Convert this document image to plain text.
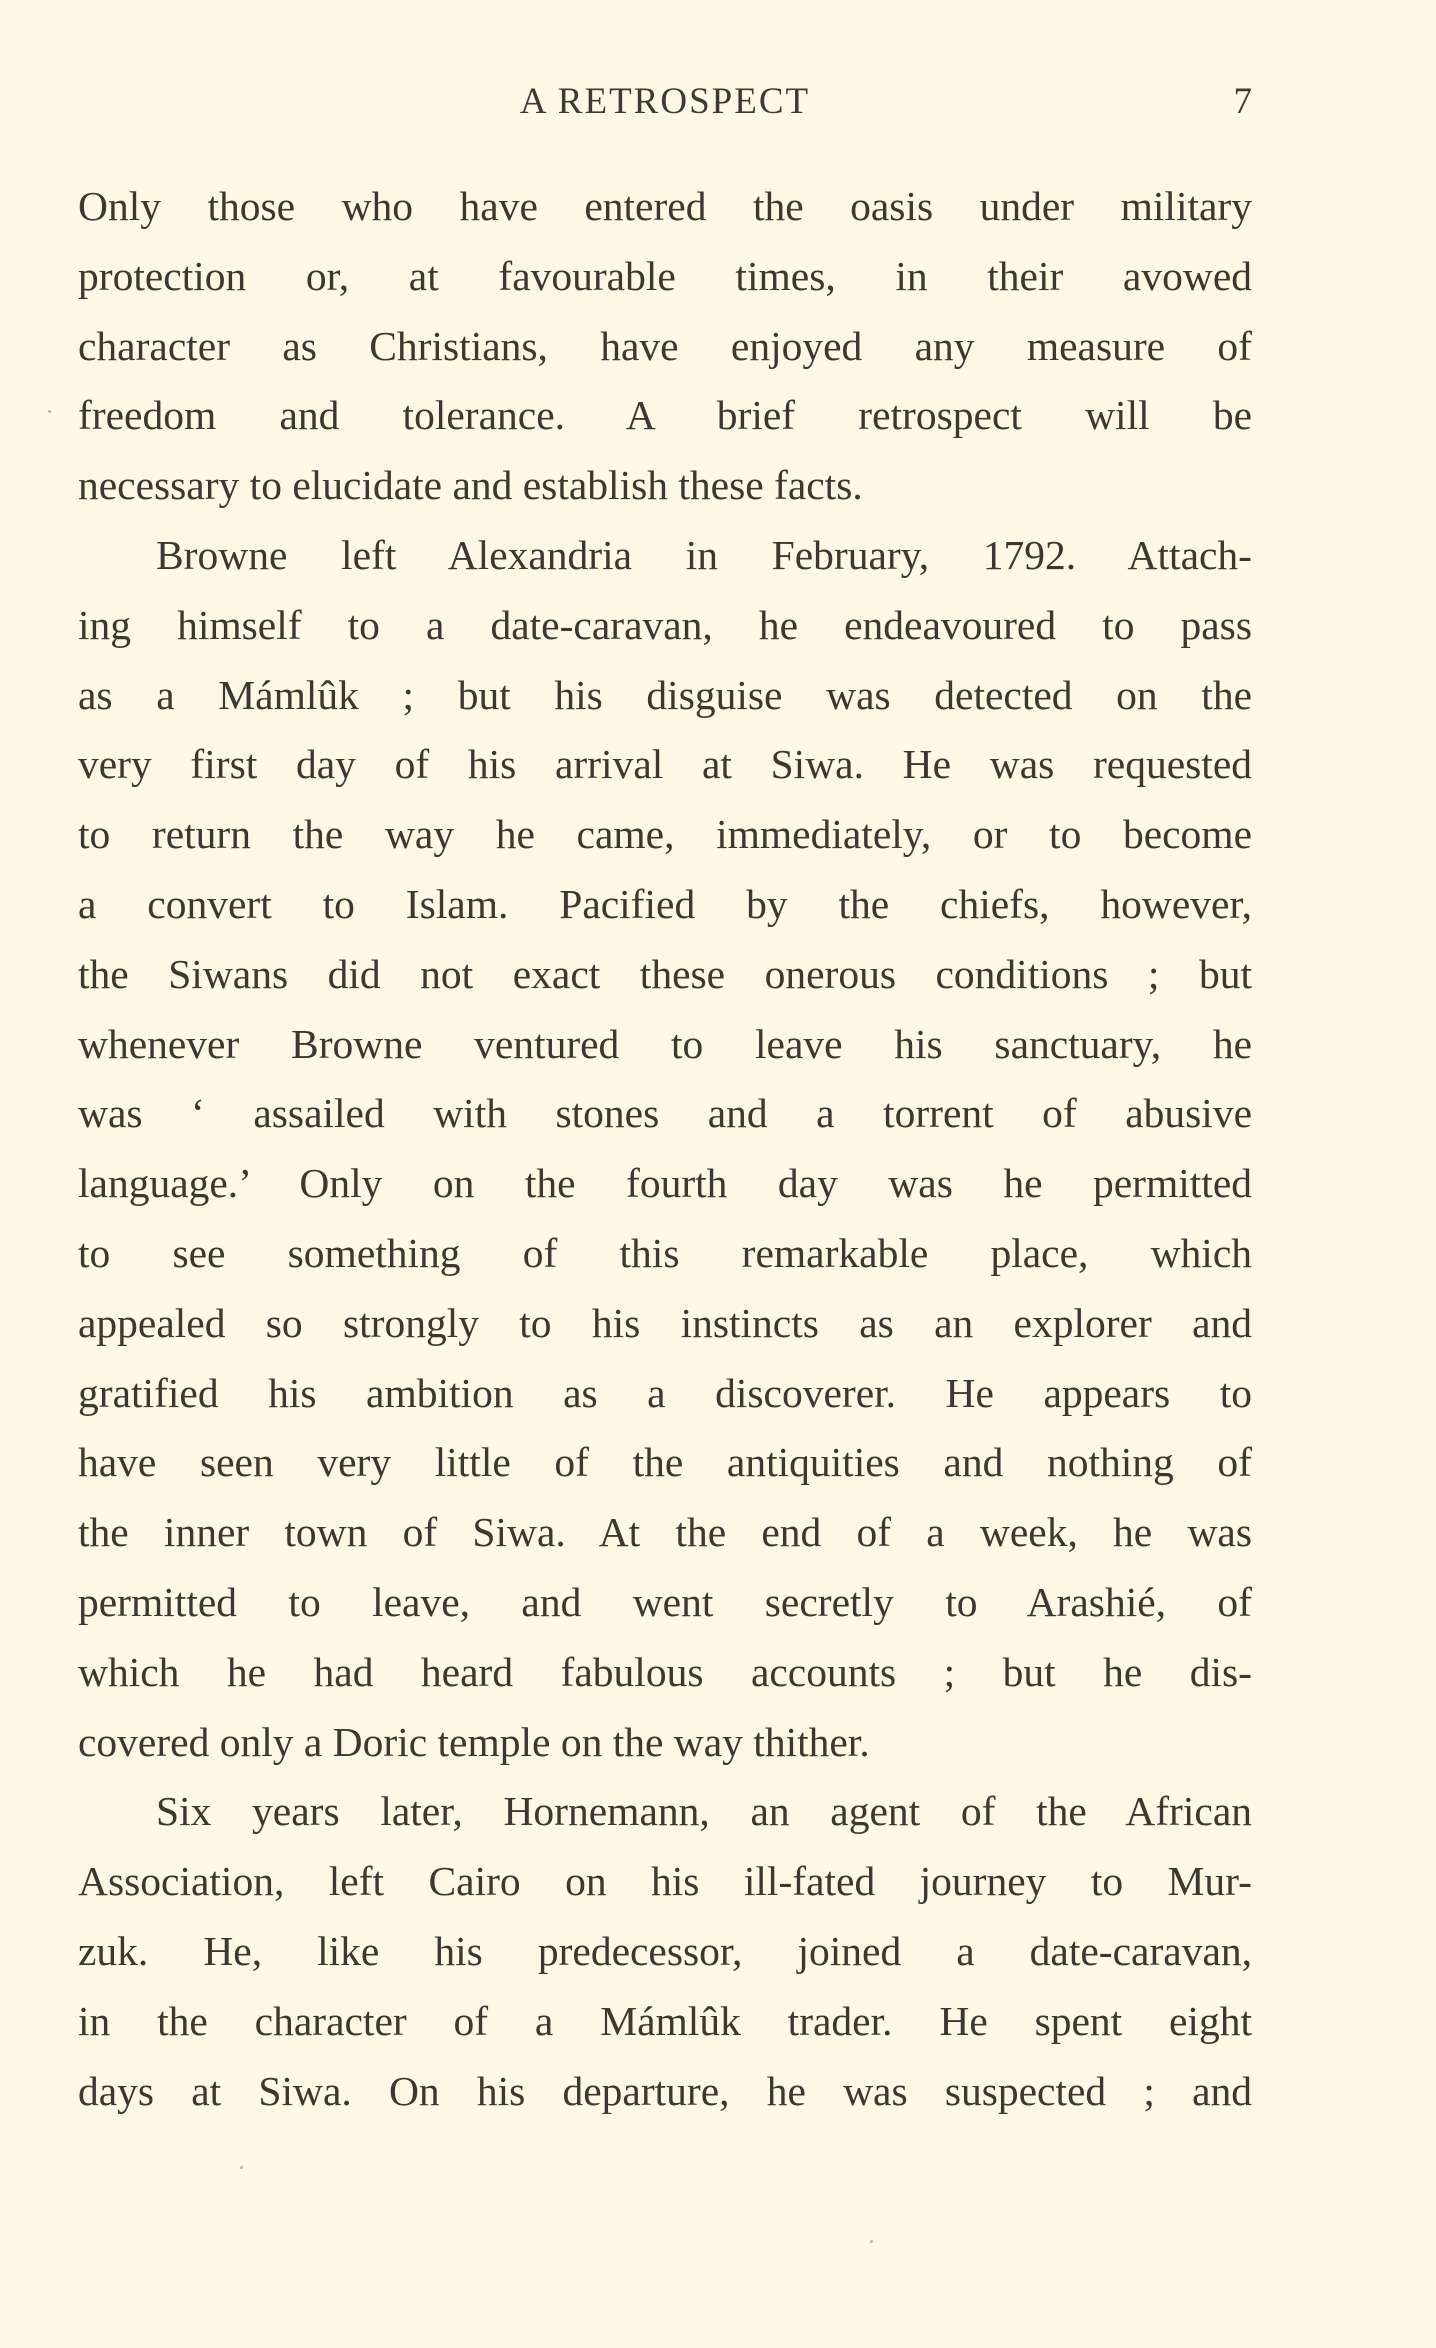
A RETROSPECT	7
Only those who have entered the oasis under military
protection or, at favourable times, in their avowed
character as Christians, have enjoyed any measure of
freedom and tolerance. A brief retrospect will be
necessary to elucidate and establish these facts.
Browne left Alexandria in February, 1792. Attach-
ing himself to a date-caravan, he endeavoured to pass
as a Mámlûk ; but his disguise was detected on the
very first day of his arrival at Siwa. He was requested
to return the way he came, immediately, or to become
a convert to Islam. Pacified by the chiefs, however,
the Siwans did not exact these onerous conditions ; but
whenever Browne ventured to leave his sanctuary, he
was ‘ assailed with stones and a torrent of abusive
language.’ Only on the fourth day was he permitted
to see something of this remarkable place, which
appealed so strongly to his instincts as an explorer and
gratified his ambition as a discoverer. He appears to
have seen very little of the antiquities and nothing of
the inner town of Siwa. At the end of a week, he was
permitted to leave, and went secretly to Arashié, of
which he had heard fabulous accounts ; but he dis-
covered only a Doric temple on the way thither.
Six years later, Hornemann, an agent of the African
Association, left Cairo on his ill-fated journey to Mur-
zuk. He, like his predecessor, joined a date-caravan,
in the character of a Mámlûk trader. He spent eight
days at Siwa. On his departure, he was suspected ; and
